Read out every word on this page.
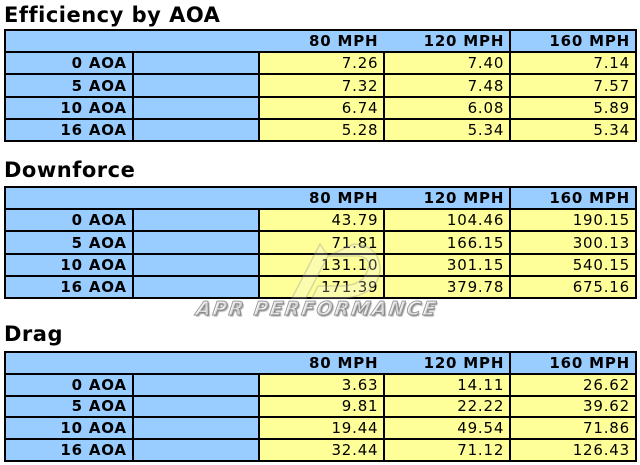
Efficiency by AOA
80 MPH	120 MPH	160 MPH
0 AOA	7.26	7.40	7.14
5 AOA	7.32	7.48	7.57
10 AOA	6.74	6.08	5.89
16 AOA	5.28	5.34	5.34
Downforce
80 MPH	120 MPH	160 MPH
0 AOA	43.79	104.46	190.15
5 AOA	71.81	166.15	300.13
10 AOA	131.10	301.15	540.15
16 AOA	171.39	379.78	675.16
APR PERFORMANCE
Drag
80 MPH	120 MPH	160 MPH
0 AOA	3.63	14.11	26.62
5 AOA	9.81	22.22	39.62
10 AOA	19.44	49.54	71.86
16 AOA	32.44	71.12	126.43
